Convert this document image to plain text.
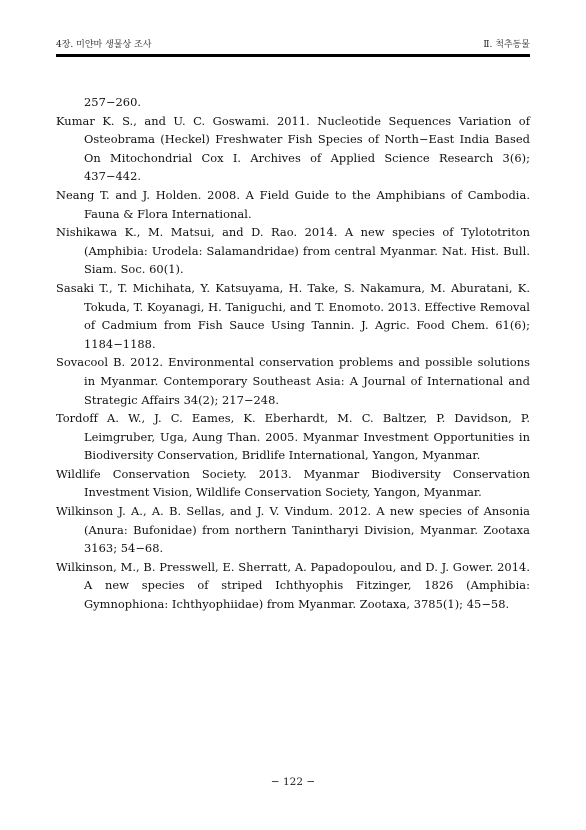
4장. 미얀마 생물상 조사	Ⅱ. 척추동물

257−260.

Kumar K. S., and U. C. Goswami. 2011. Nucleotide Sequences Variation of Osteobrama (Heckel) Freshwater Fish Species of North−East India Based On Mitochondrial Cox I. Archives of Applied Science Research 3(6); 437−442.

Neang T. and J. Holden. 2008. A Field Guide to the Amphibians of Cambodia. Fauna & Flora International.

Nishikawa K., M. Matsui, and D. Rao. 2014. A new species of Tylototriton (Amphibia: Urodela: Salamandridae) from central Myanmar. Nat. Hist. Bull. Siam. Soc. 60(1).

Sasaki T., T. Michihata, Y. Katsuyama, H. Take, S. Nakamura, M. Aburatani, K. Tokuda, T. Koyanagi, H. Taniguchi, and T. Enomoto. 2013. Effective Removal of Cadmium from Fish Sauce Using Tannin. J. Agric. Food Chem. 61(6); 1184−1188.

Sovacool B. 2012. Environmental conservation problems and possible solutions in Myanmar. Contemporary Southeast Asia: A Journal of International and Strategic Affairs 34(2); 217−248.

Tordoff A. W., J. C. Eames, K. Eberhardt, M. C. Baltzer, P. Davidson, P. Leimgruber, Uga, Aung Than. 2005. Myanmar Investment Opportunities in Biodiversity Conservation, Bridlife International, Yangon, Myanmar.

Wildlife Conservation Society. 2013. Myanmar Biodiversity Conservation Investment Vision, Wildlife Conservation Society, Yangon, Myanmar.

Wilkinson J. A., A. B. Sellas, and J. V. Vindum. 2012. A new species of Ansonia (Anura: Bufonidae) from northern Tanintharyi Division, Myanmar. Zootaxa 3163; 54−68.

Wilkinson, M., B. Presswell, E. Sherratt, A. Papadopoulou, and D. J. Gower. 2014. A new species of striped Ichthyophis Fitzinger, 1826 (Amphibia: Gymnophiona: Ichthyophiidae) from Myanmar. Zootaxa, 3785(1); 45−58.

− 122 −
